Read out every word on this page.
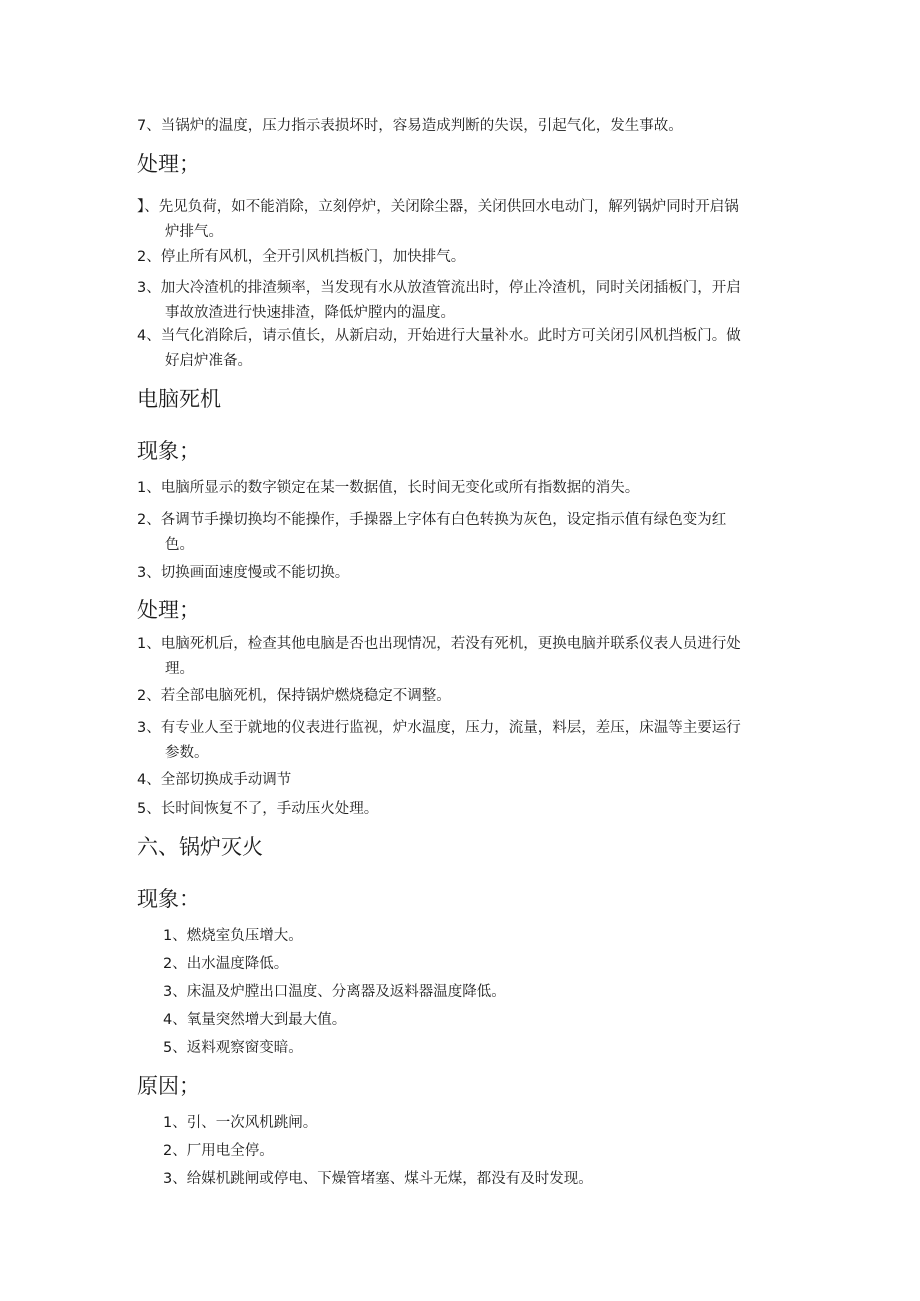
7、当锅炉的温度，压力指示表损坏时，容易造成判断的失误，引起气化，发生事故。
处理；
】、先见负荷，如不能消除，立刻停炉，关闭除尘器，关闭供回水电动门，解列锅炉同时开启锅
炉排气。
2、停止所有风机，全开引风机挡板门，加快排气。
3、加大冷渣机的排渣频率，当发现有水从放渣管流出时，停止冷渣机，同时关闭插板门，开启
事故放渣进行快速排渣，降低炉膛内的温度。
4、当气化消除后，请示值长，从新启动，开始进行大量补水。此时方可关闭引风机挡板门。做
好启炉准备。
电脑死机
现象；
1、电脑所显示的数字锁定在某一数据值，长时间无变化或所有指数据的消失。
2、各调节手操切换均不能操作，手操器上字体有白色转换为灰色，设定指示值有绿色变为红
色。
3、切换画面速度慢或不能切换。
处理；
1、电脑死机后，检查其他电脑是否也出现情况，若没有死机，更换电脑并联系仪表人员进行处
理。
2、若全部电脑死机，保持锅炉燃烧稳定不调整。
3、有专业人至于就地的仪表进行监视，炉水温度，压力，流量，料层，差压，床温等主要运行
参数。
4、全部切换成手动调节
5、长时间恢复不了，手动压火处理。
六、锅炉灭火
现象：
1、燃烧室负压增大。
2、出水温度降低。
3、床温及炉膛出口温度、分离器及返料器温度降低。
4、氧量突然增大到最大值。
5、返料观察窗变暗。
原因；
1、引、一次风机跳闸。
2、厂用电全停。
3、给媒机跳闸或停电、下燥管堵塞、煤斗无煤，都没有及时发现。
